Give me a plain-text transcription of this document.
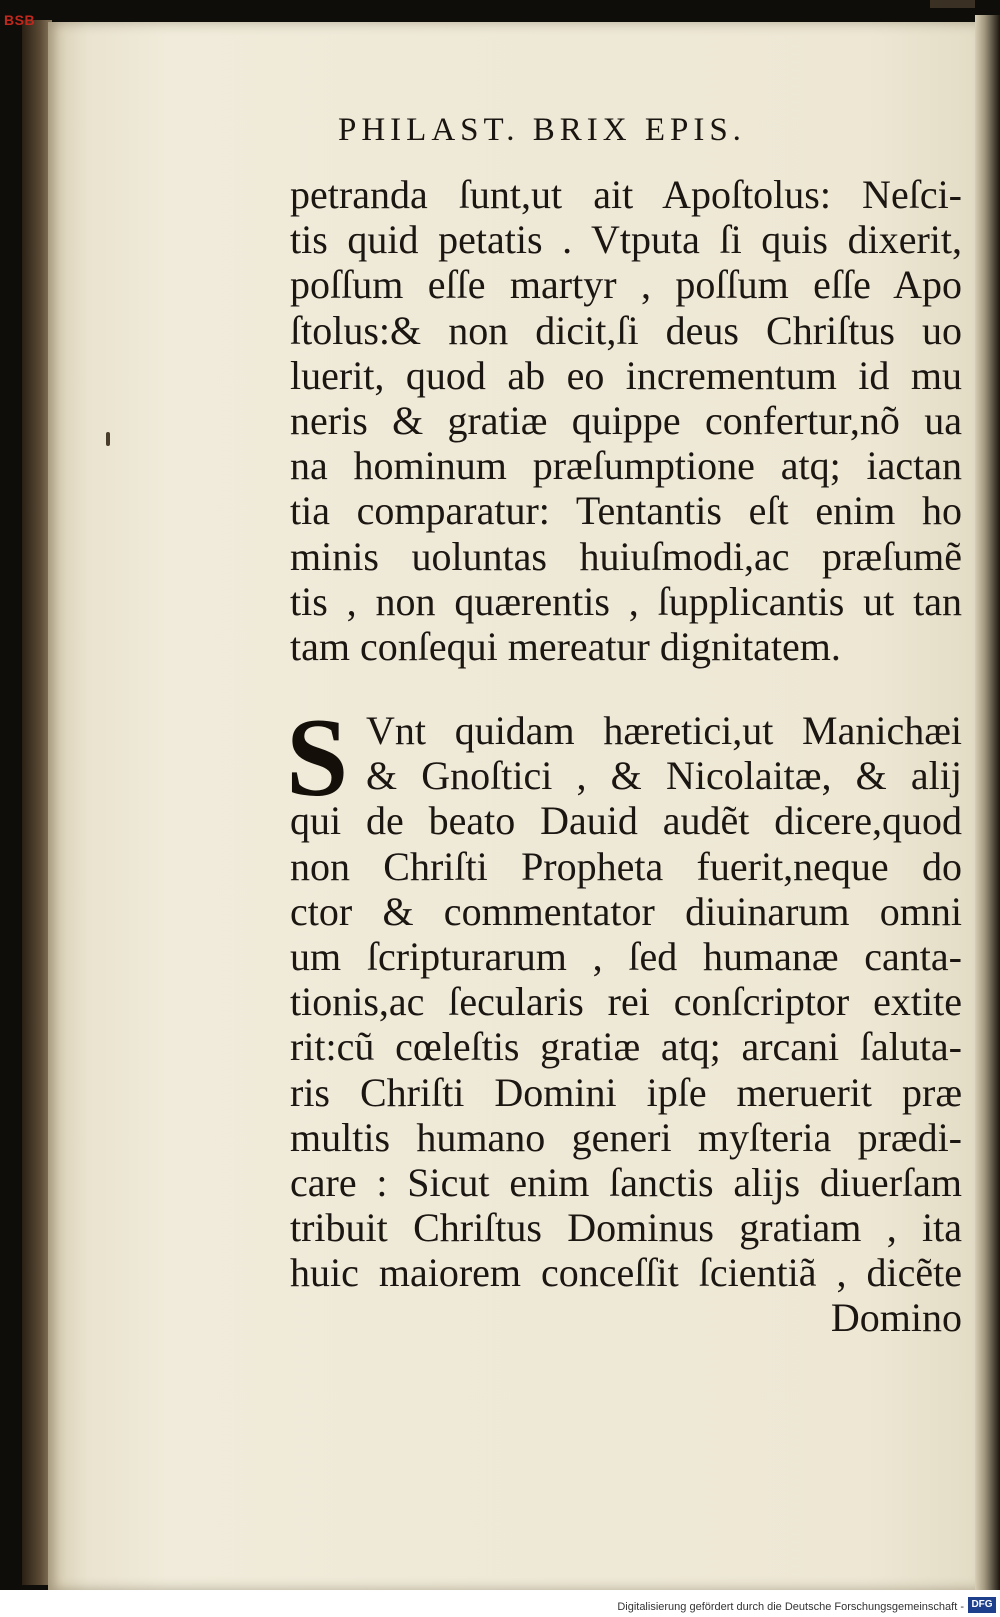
BSB
PHILAST. BRIX EPIS.
petranda ſunt,ut ait Apoſtolus: Neſci-
tis quid petatis . Vtputa ſi quis dixerit,
poſſum eſſe martyr , poſſum eſſe Apo
ſtolus:& non dicit,ſi deus Chriſtus uo
luerit, quod ab eo incrementum id mu
neris & gratiæ quippe confertur,nõ ua
na hominum præſumptione atq; iactan
tia comparatur: Tentantis eſt enim ho
minis uoluntas huiuſmodi,ac præſumẽ
tis , non quærentis , ſupplicantis ut tan
tam conſequi mereatur dignitatem.
S Vnt quidam hæretici,ut Manichæi
& Gnoſtici , & Nicolaitæ, & alij
qui de beato Dauid audẽt dicere,quod
non Chriſti Propheta fuerit,neque do
ctor & commentator diuinarum omni
um ſcripturarum , ſed humanæ canta-
tionis,ac ſecularis rei conſcriptor extite
rit:cũ cœleſtis gratiæ atq; arcani ſaluta-
ris Chriſti Domini ipſe meruerit præ
multis humano generi myſteria prædi-
care : Sicut enim ſanctis alijs diuerſam
tribuit Chriſtus Dominus gratiam , ita
huic maiorem conceſſit ſcientiã , dicẽte
Domino
Digitalisierung gefördert durch die Deutsche Forschungsgemeinschaft - DFG
